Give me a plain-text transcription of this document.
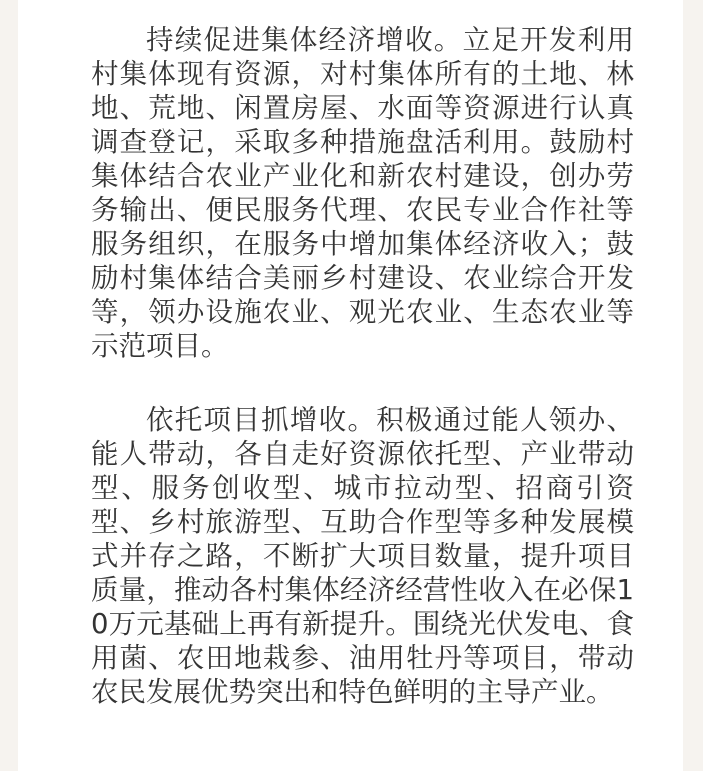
持续促进集体经济增收。立足开发利用村集体现有资源，对村集体所有的土地、林地、荒地、闲置房屋、水面等资源进行认真调查登记，采取多种措施盘活利用。鼓励村集体结合农业产业化和新农村建设，创办劳务输出、便民服务代理、农民专业合作社等服务组织，在服务中增加集体经济收入；鼓励村集体结合美丽乡村建设、农业综合开发等，领办设施农业、观光农业、生态农业等示范项目。

依托项目抓增收。积极通过能人领办、能人带动，各自走好资源依托型、产业带动型、服务创收型、城市拉动型、招商引资型、乡村旅游型、互助合作型等多种发展模式并存之路，不断扩大项目数量，提升项目质量，推动各村集体经济经营性收入在必保10万元基础上再有新提升。围绕光伏发电、食用菌、农田地栽参、油用牡丹等项目，带动农民发展优势突出和特色鲜明的主导产业。
